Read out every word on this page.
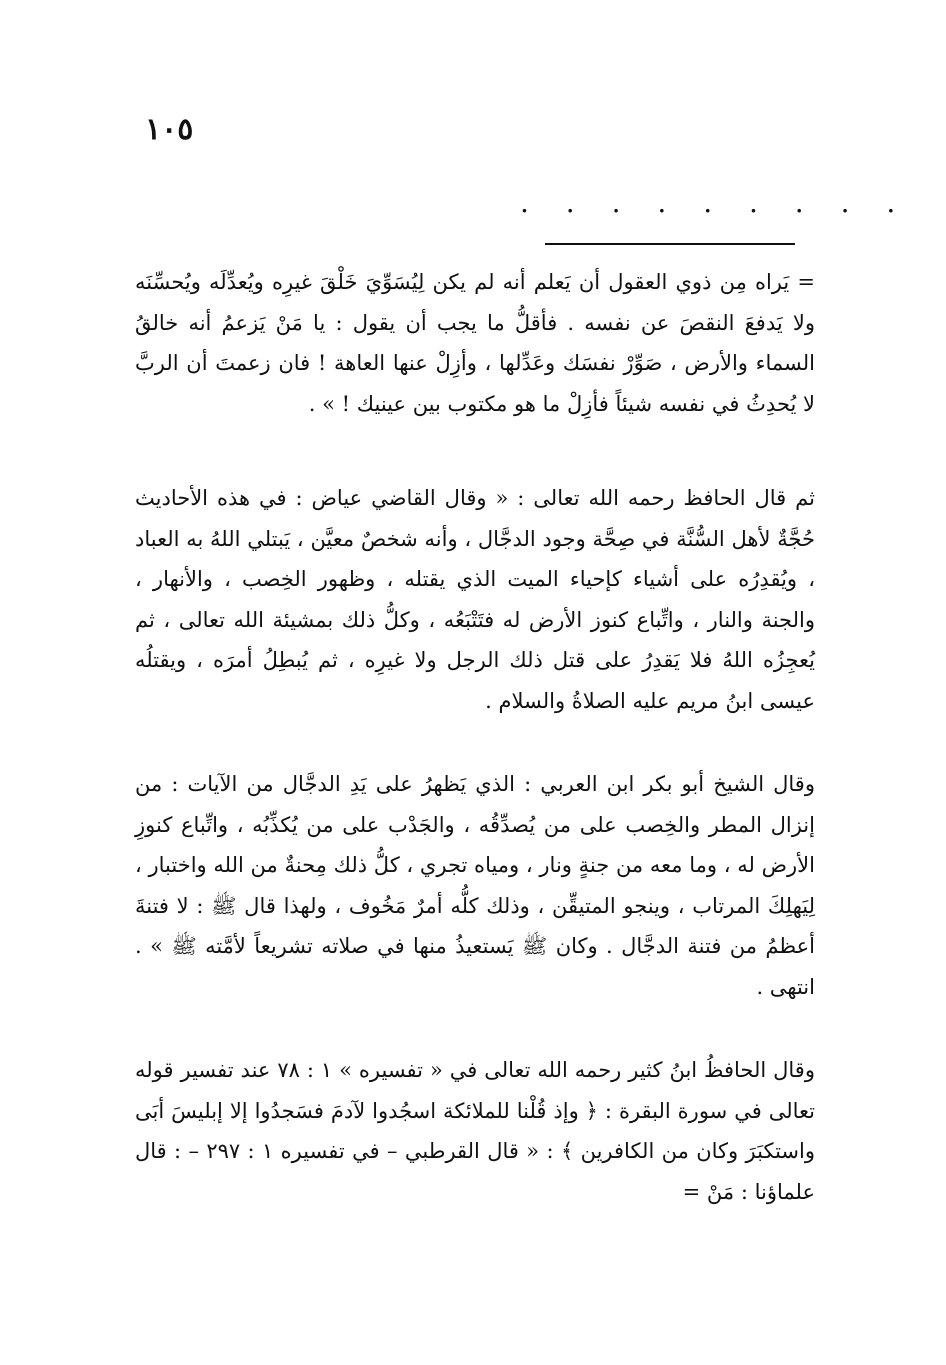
١٠٥
. . . . . . . . .

= يَراه مِن ذوي العقول أن يَعلم أنه لم يكن لِيُسَوِّيَ خَلْقَ غيرِه ويُعدِّلَه ويُحسِّنَه ولا يَدفعَ النقصَ عن نفسه . فأقلُّ ما يجب أن يقول : يا مَنْ يَزعمُ أنه خالقُ السماء والأرض ، صَوِّرْ نفسَك وعَدِّلها ، وأزِلْ عنها العاهة ! فان زعمتَ أن الربَّ لا يُحدِثُ في نفسه شيئاً فأزِلْ ما هو مكتوب بين عينيك ! » .

ثم قال الحافظ رحمه الله تعالى : « وقال القاضي عياض : في هذه الأحاديث حُجَّةٌ لأهل السُّنَّة في صِحَّة وجود الدجَّال ، وأنه شخصٌ معيَّن ، يَبتلي اللهُ به العباد ، ويُقدِرُه على أشياء كإحياء الميت الذي يقتله ، وظهور الخِصب ، والأنهار ، والجنة والنار ، واتِّباع كنوز الأرض له فتَتْبَعُه ، وكلُّ ذلك بمشيئة الله تعالى ، ثم يُعجِزُه اللهُ فلا يَقدِرُ على قتل ذلك الرجل ولا غيرِه ، ثم يُبطِلُ أمرَه ، ويقتلُه عيسى ابنُ مريم عليه الصلاةُ والسلام .

وقال الشيخ أبو بكر ابن العربي : الذي يَظهرُ على يَدِ الدجَّال من الآيات : من إنزال المطر والخِصب على من يُصدِّقُه ، والجَدْب على من يُكذِّبُه ، واتِّباع كنوزِ الأرض له ، وما معه من جنةٍ ونار ، ومياه تجري ، كلُّ ذلك مِحنةٌ من الله واختبار ، لِيَهلِكَ المرتاب ، وينجو المتيقِّن ، وذلك كلُّه أمرٌ مَخُوف ، ولهذا قال ﷺ : لا فتنةَ أعظمُ من فتنة الدجَّال . وكان ﷺ يَستعيذُ منها في صلاته تشريعاً لأمَّته ﷺ » . انتهى .

وقال الحافظُ ابنُ كثير رحمه الله تعالى في « تفسيره » ١ : ٧٨ عند تفسير قوله تعالى في سورة البقرة : ﴿ وإذ قُلْنا للملائكة اسجُدوا لآدمَ فسَجدُوا إلا إبليسَ أبَى واستكبَرَ وكان من الكافرين ﴾ : « قال القرطبي – في تفسيره ١ : ٢٩٧ – : قال علماؤنا : مَنْ =
